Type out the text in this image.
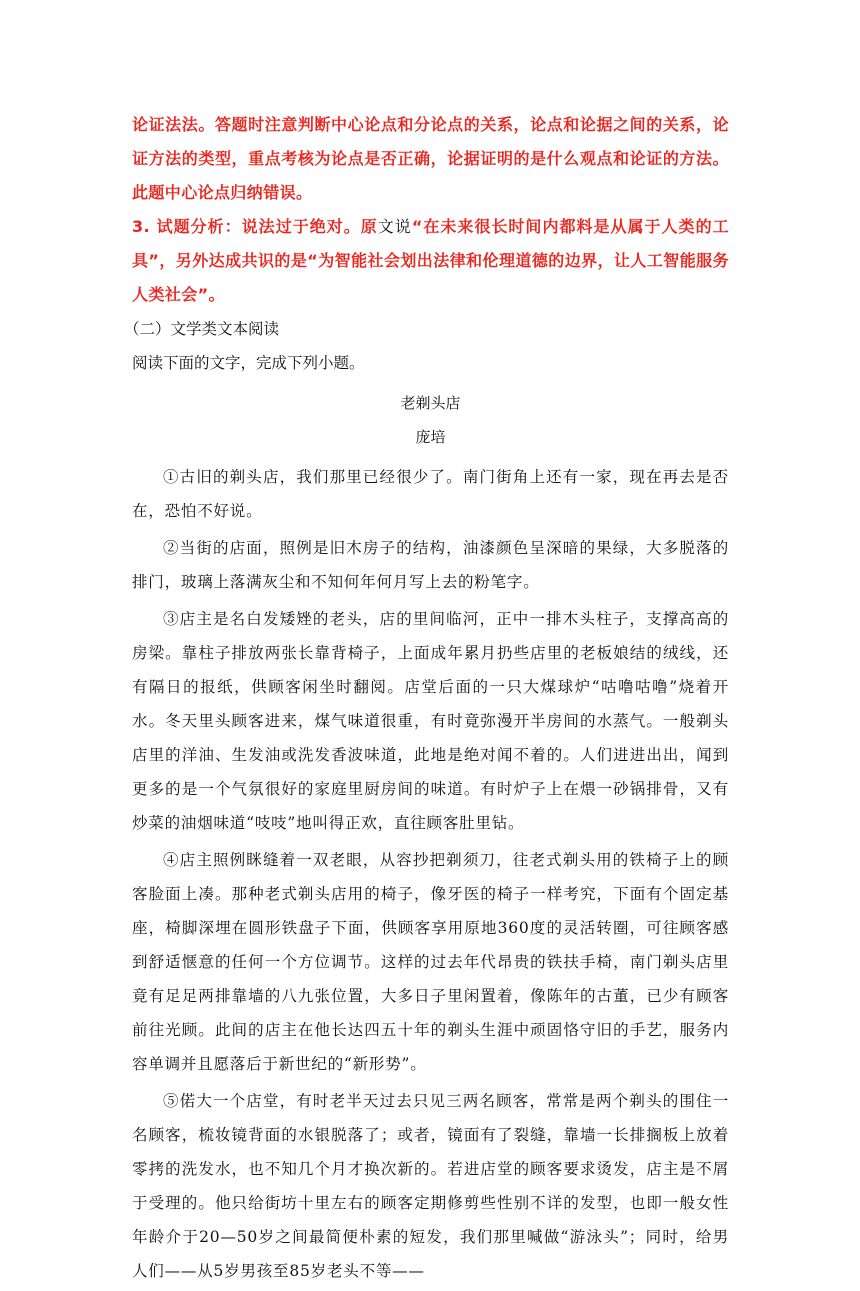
论证法法。答题时注意判断中心论点和分论点的关系，论点和论据之间的关系，论证方法的类型，重点考核为论点是否正确，论据证明的是什么观点和论证的方法。此题中心论点归纳错误。

3. 试题分析：说法过于绝对。原文说“在未来很长时间内都料是从属于人类的工具”，另外达成共识的是“为智能社会划出法律和伦理道德的边界，让人工智能服务人类社会”。

（二）文学类文本阅读

阅读下面的文字，完成下列小题。

老剃头店

庞培

①古旧的剃头店，我们那里已经很少了。南门街角上还有一家，现在再去是否在，恐怕不好说。

②当街的店面，照例是旧木房子的结构，油漆颜色呈深暗的果绿，大多脱落的排门，玻璃上落满灰尘和不知何年何月写上去的粉笔字。

③店主是名白发矮矬的老头，店的里间临河，正中一排木头柱子，支撑高高的房梁。靠柱子排放两张长靠背椅子，上面成年累月扔些店里的老板娘结的绒线，还有隔日的报纸，供顾客闲坐时翻阅。店堂后面的一只大煤球炉“咕噜咕噜”烧着开水。冬天里头顾客进来，煤气味道很重，有时竟弥漫开半房间的水蒸气。一般剃头店里的洋油、生发油或洗发香波味道，此地是绝对闻不着的。人们进进出出，闻到更多的是一个气氛很好的家庭里厨房间的味道。有时炉子上在煨一砂锅排骨，又有炒菜的油烟味道“吱吱”地叫得正欢，直往顾客肚里钻。

④店主照例眯缝着一双老眼，从容抄把剃须刀，往老式剃头用的铁椅子上的顾客脸面上凑。那种老式剃头店用的椅子，像牙医的椅子一样考究，下面有个固定基座，椅脚深埋在圆形铁盘子下面，供顾客享用原地360度的灵活转圈，可往顾客感到舒适惬意的任何一个方位调节。这样的过去年代昂贵的铁扶手椅，南门剃头店里竟有足足两排靠墙的八九张位置，大多日子里闲置着，像陈年的古董，已少有顾客前往光顾。此间的店主在他长达四五十年的剃头生涯中顽固恪守旧的手艺，服务内容单调并且愿落后于新世纪的“新形势”。

⑤偌大一个店堂，有时老半天过去只见三两名顾客，常常是两个剃头的围住一名顾客，梳妆镜背面的水银脱落了；或者，镜面有了裂缝，靠墙一长排搁板上放着零拷的洗发水，也不知几个月才换次新的。若进店堂的顾客要求烫发，店主是不屑于受理的。他只给街坊十里左右的顾客定期修剪些性别不详的发型，也即一般女性年龄介于20—50岁之间最简便朴素的短发，我们那里喊做“游泳头”；同时，给男人们——从5岁男孩至85岁老头不等——
